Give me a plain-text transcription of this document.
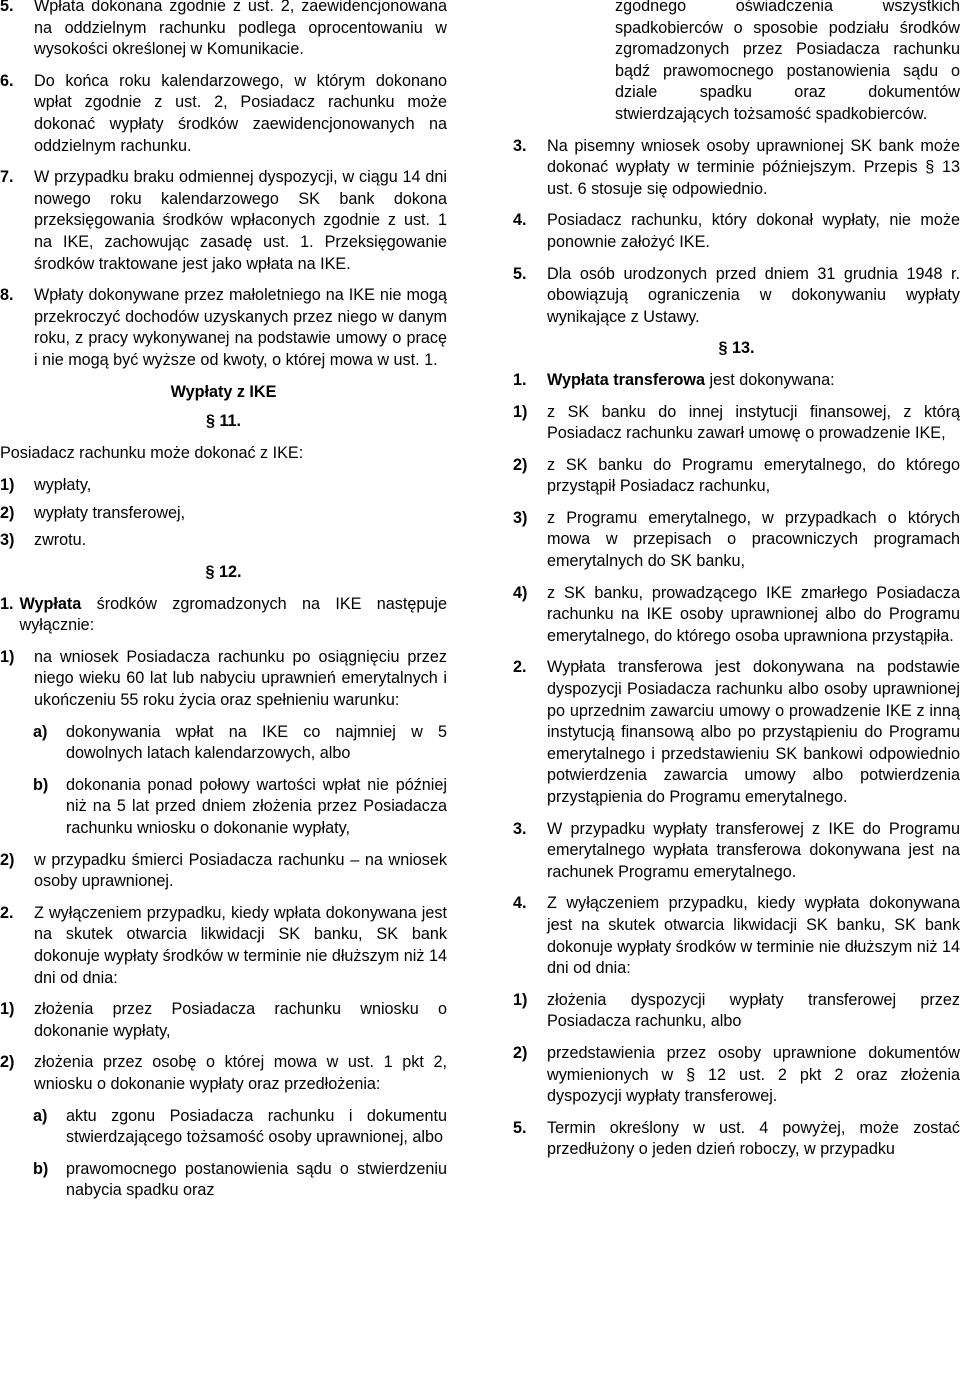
5.	Wpłata dokonana zgodnie z ust. 2, zaewidencjonowana na oddzielnym rachunku podlega oprocentowaniu w wysokości określonej w Komunikacie.
6.	Do końca roku kalendarzowego, w którym dokonano wpłat zgodnie z ust. 2, Posiadacz rachunku może dokonać wypłaty środków zaewidencjonowanych na oddzielnym rachunku.
7.	W przypadku braku odmiennej dyspozycji, w ciągu 14 dni nowego roku kalendarzowego SK bank dokona przeksięgowania środków wpłaconych zgodnie z ust. 1 na IKE, zachowując zasadę ust. 1. Przeksięgowanie środków traktowane jest jako wpłata na IKE.
8.	Wpłaty dokonywane przez małoletniego na IKE nie mogą przekroczyć dochodów uzyskanych przez niego w danym roku, z pracy wykonywanej na podstawie umowy o pracę i nie mogą być wyższe od kwoty, o której mowa w ust. 1.
Wypłaty z IKE
§ 11.

Posiadacz rachunku może dokonać z IKE:

1)	wypłaty,
2)	wypłaty transferowej,
3)	zwrotu.
§ 12.
1. Wypłata środków zgromadzonych na IKE następuje wyłącznie:
1)	na wniosek Posiadacza rachunku po osiągnięciu przez niego wieku 60 lat lub nabyciu uprawnień emerytalnych i ukończeniu 55 roku życia oraz spełnieniu warunku:
a)	dokonywania wpłat na IKE co najmniej w 5 dowolnych latach kalendarzowych, albo
b)	dokonania ponad połowy wartości wpłat nie później niż na 5 lat przed dniem złożenia przez Posiadacza rachunku wniosku o dokonanie wypłaty,
2)	w przypadku śmierci Posiadacza rachunku – na wniosek osoby uprawnionej.
2.	Z wyłączeniem przypadku, kiedy wpłata dokonywana jest na skutek otwarcia likwidacji SK banku, SK bank dokonuje wypłaty środków w terminie nie dłuższym niż 14 dni od dnia:
1)	złożenia przez Posiadacza rachunku wniosku o dokonanie wypłaty,
2)	złożenia przez osobę o której mowa w ust. 1 pkt 2, wniosku o dokonanie wypłaty oraz przedłożenia:
a)	aktu zgonu Posiadacza rachunku i dokumentu stwierdzającego tożsamość osoby uprawnionej, albo
b)	prawomocnego postanowienia sądu o stwierdzeniu nabycia spadku oraz
zgodnego oświadczenia wszystkich spadkobierców o sposobie podziału środków zgromadzonych przez Posiadacza rachunku bądź prawomocnego postanowienia sądu o dziale spadku oraz dokumentów stwierdzających tożsamość spadkobierców.
3.	Na pisemny wniosek osoby uprawnionej SK bank może dokonać wypłaty w terminie późniejszym. Przepis § 13 ust. 6 stosuje się odpowiednio.
4.	Posiadacz rachunku, który dokonał wypłaty, nie może ponownie założyć IKE.
5.	Dla osób urodzonych przed dniem 31 grudnia 1948 r. obowiązują ograniczenia w dokonywaniu wypłaty wynikające z Ustawy.
§ 13.
1.	Wypłata transferowa jest dokonywana:
1)	z SK banku do innej instytucji finansowej, z którą Posiadacz rachunku zawarł umowę o prowadzenie IKE,
2)	z SK banku do Programu emerytalnego, do którego przystąpił Posiadacz rachunku,
3)	z Programu emerytalnego, w przypadkach o których mowa w przepisach o pracowniczych programach emerytalnych do SK banku,
4)	z SK banku, prowadzącego IKE zmarłego Posiadacza rachunku na IKE osoby uprawnionej albo do Programu emerytalnego, do którego osoba uprawniona przystąpiła.
2.	Wypłata transferowa jest dokonywana na podstawie dyspozycji Posiadacza rachunku albo osoby uprawnionej po uprzednim zawarciu umowy o prowadzenie IKE z inną instytucją finansową albo po przystąpieniu do Programu emerytalnego i przedstawieniu SK bankowi odpowiednio potwierdzenia zawarcia umowy albo potwierdzenia przystąpienia do Programu emerytalnego.
3.	W przypadku wypłaty transferowej z IKE do Programu emerytalnego wypłata transferowa dokonywana jest na rachunek Programu emerytalnego.
4.	Z wyłączeniem przypadku, kiedy wypłata dokonywana jest na skutek otwarcia likwidacji SK banku, SK bank dokonuje wypłaty środków w terminie nie dłuższym niż 14 dni od dnia:
1)	złożenia dyspozycji wypłaty transferowej przez Posiadacza rachunku, albo
2)	przedstawienia przez osoby uprawnione dokumentów wymienionych w § 12 ust. 2 pkt 2 oraz złożenia dyspozycji wypłaty transferowej.
5.	Termin określony w ust. 4 powyżej, może zostać przedłużony o jeden dzień roboczy, w przypadku
